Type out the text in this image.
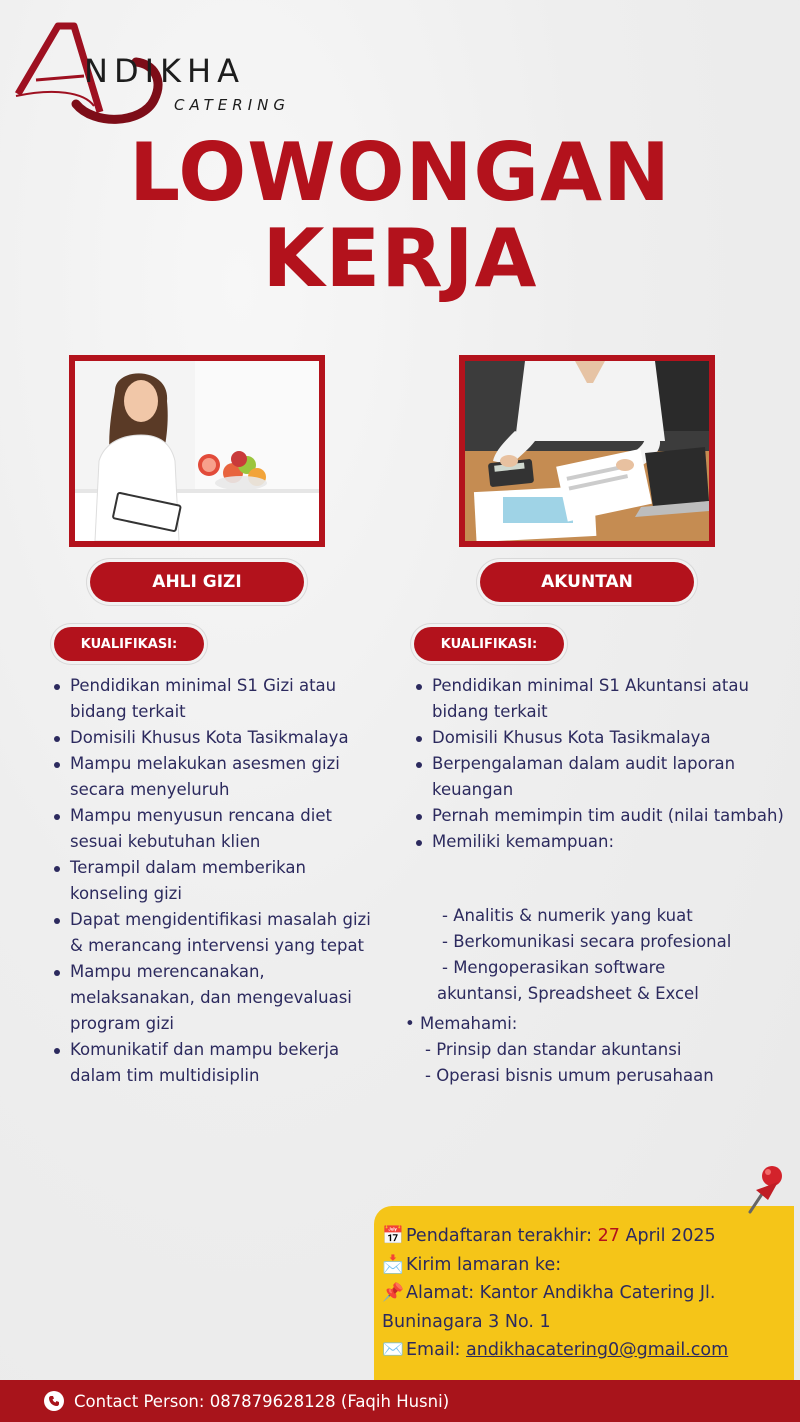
NDIKHA
CATERING
LOWONGAN
KERJA
AHLI GIZI	AKUNTAN
KUALIFIKASI:	KUALIFIKASI:
Pendidikan minimal S1 Gizi atau bidang terkait
Domisili Khusus Kota Tasikmalaya
Mampu melakukan asesmen gizi secara menyeluruh
Mampu menyusun rencana diet sesuai kebutuhan klien
Terampil dalam memberikan konseling gizi
Dapat mengidentifikasi masalah gizi & merancang intervensi yang tepat
Mampu merencanakan, melaksanakan, dan mengevaluasi program gizi
Komunikatif dan mampu bekerja dalam tim multidisiplin
Pendidikan minimal S1 Akuntansi atau bidang terkait
Domisili Khusus Kota Tasikmalaya
Berpengalaman dalam audit laporan keuangan
Pernah memimpin tim audit (nilai tambah)
Memiliki kemampuan:
- Analitis & numerik yang kuat
- Berkomunikasi secara profesional
- Mengoperasikan software
akuntansi, Spreadsheet & Excel
• Memahami:
- Prinsip dan standar akuntansi
- Operasi bisnis umum perusahaan
📅 Pendaftaran terakhir: 27 April 2025
📩 Kirim lamaran ke:
📌 Alamat: Kantor Andikha Catering Jl.
Buninagara 3 No. 1
✉️ Email: andikhacatering0@gmail.com
Contact Person: 087879628128 (Faqih Husni)
